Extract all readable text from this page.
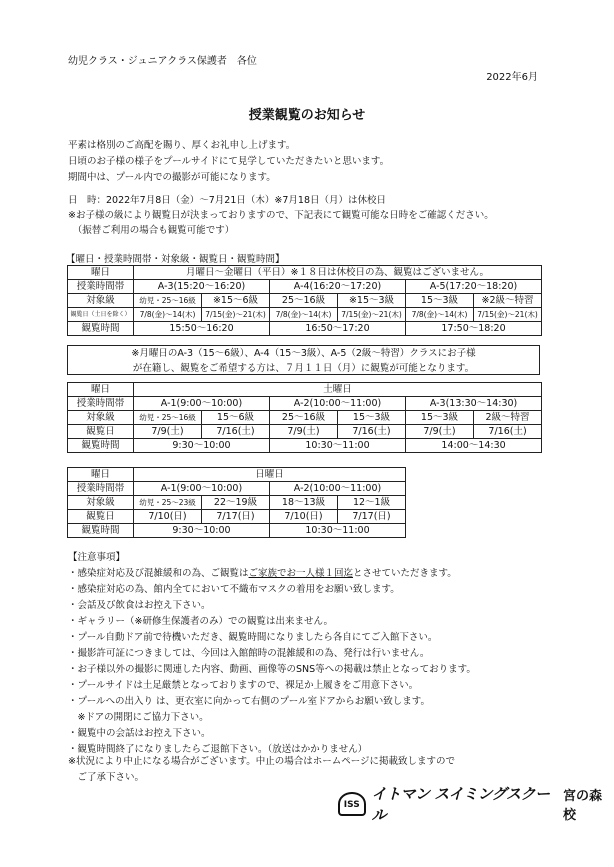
幼児クラス・ジュニアクラス保護者　各位
2022年6月
授業観覧のお知らせ
平素は格別のご高配を賜り、厚くお礼申し上げます。
日頃のお子様の様子をプールサイドにて見学していただきたいと思います。
期間中は、プール内での撮影が可能になります。
日　時：2022年7月8日（金）～7月21日（木）※7月18日（月）は休校日
※お子様の級により観覧日が決まっておりますので、下記表にて観覧可能な日時をご確認ください。
　（振替ご利用の場合も観覧可能です）
【曜日・授業時間帯・対象級・観覧日・観覧時間】
曜日	月曜日～金曜日（平日）※１８日は休校日の為、観覧はございません。					
授業時間帯	A-3(15:20～16:20)		A-4(16:20～17:20)		A-5(17:20～18:20)	
対象級	幼児・25～16級	※15～6級	25～16級	※15～3級	15～3級	※2級～特習
観覧日（土日を除く）	7/8(金)～14(木)	7/15(金)～21(木)	7/8(金)～14(木)	7/15(金)～21(木)	7/8(金)～14(木)	7/15(金)～21(木)
観覧時間	15:50～16:20		16:50～17:20		17:50～18:20	
※月曜日のA-3（15～6級）、A-4（15～3級）、A-5（2級～特習）クラスにお子様
が在籍し、観覧をご希望する方は、７月１１日（月）に観覧が可能となります。
曜日	土曜日					
授業時間帯	A-1(9:00～10:00)		A-2(10:00～11:00)		A-3(13:30～14:30)	
対象級	幼児・25～16級	15～6級	25～16級	15～3級	15～3級	2級～特習
観覧日	7/9(土)	7/16(土)	7/9(土)	7/16(土)	7/9(土)	7/16(土)
観覧時間	9:30～10:00		10:30～11:00		14:00～14:30	
曜日	日曜日			
授業時間帯	A-1(9:00～10:00)		A-2(10:00～11:00)	
対象級	幼児・25～23級	22～19級	18～13級	12～1級
観覧日	7/10(日)	7/17(日)	7/10(日)	7/17(日)
観覧時間	9:30～10:00		10:30～11:00	
【注意事項】
・感染症対応及び混雑緩和の為、ご観覧はご家族でお一人様１回迄とさせていただきます。
・感染症対応の為、館内全てにおいて不織布マスクの着用をお願い致します。
・会話及び飲食はお控え下さい。
・ギャラリー（※研修生保護者のみ）での観覧は出来ません。
・プール自動ドア前で待機いただき、観覧時間になりましたら各自にてご入館下さい。
・撮影許可証につきましては、今回は入館館時の混雑緩和の為、発行は行いません。
・お子様以外の撮影に関連した内容、動画、画像等のSNS等への掲載は禁止となっております。
・プールサイドは土足厳禁となっておりますので、裸足か上履きをご用意下さい。
・プールへの出入り は、更衣室に向かって右側のプール室ドアからお願い致します。
　※ドアの開閉にご協力下さい。
・観覧中の会話はお控え下さい。
・観覧時間終了になりましたらご退館下さい。（放送はかかりません）
※状況により中止になる場合がございます。中止の場合はホームページに掲載致しますので
　ご了承下さい。
ISS
イトマン スイミングスクール
宮の森校
